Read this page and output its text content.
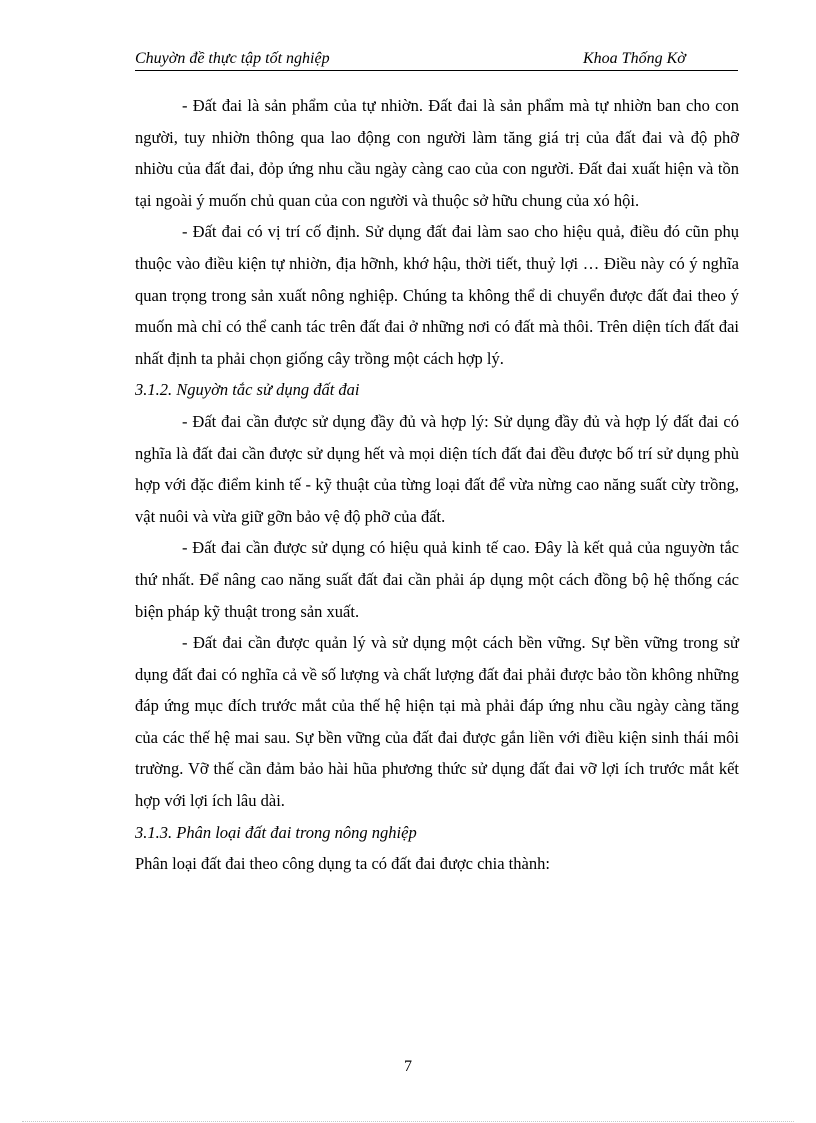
Chuyờn đề thực tập tốt nghiệp	Khoa Thống Kờ

- Đất đai là sản phẩm của tự nhiờn. Đất đai là sản phẩm mà tự nhiờn ban cho con người, tuy nhiờn thông qua lao động con người làm tăng giá trị của đất đai và độ phỡ nhiờu của đất đai, đỏp ứng nhu cầu ngày càng cao của con người. Đất đai xuất hiện và tồn tại ngoài ý muốn chủ quan của con người và thuộc sở hữu chung của xó hội.

- Đất đai có vị trí cố định. Sử dụng đất đai làm sao cho hiệu quả, điều đó cũn phụ thuộc vào điều kiện tự nhiờn, địa hỡnh, khớ hậu, thời tiết, thuỷ lợi … Điều này có ý nghĩa quan trọng trong sản xuất nông nghiệp. Chúng ta không thể di chuyển được đất đai theo ý muốn mà chỉ có thể canh tác trên đất đai ở những nơi có đất mà thôi. Trên diện tích đất đai nhất định ta phải chọn giống cây trồng một cách hợp lý.

3.1.2. Nguyờn tắc sử dụng đất đai

- Đất đai cần được sử dụng đầy đủ và hợp lý: Sử dụng đầy đủ và hợp lý đất đai có nghĩa là đất đai cần được sử dụng hết và mọi diện tích đất đai đều được bố trí sử dụng phù hợp với đặc điểm kinh tế - kỹ thuật của từng loại đất để vừa nừng cao năng suất cừy trồng, vật nuôi và vừa giữ gỡn bảo vệ độ phỡ của đất.

- Đất đai cần được sử dụng có hiệu quả kinh tế cao. Đây là kết quả của nguyờn tắc thứ nhất. Để nâng cao năng suất đất đai cần phải áp dụng một cách đồng bộ hệ thống các biện pháp kỹ thuật trong sản xuất.

- Đất đai cần được quản lý và sử dụng một cách bền vững. Sự bền vững trong sử dụng đất đai có nghĩa cả về số lượng và chất lượng đất đai phải được bảo tồn không những đáp ứng mục đích trước mắt của thế hệ hiện tại mà phải đáp ứng nhu cầu ngày càng tăng của các thế hệ mai sau. Sự bền vững của đất đai được gắn liền với điều kiện sinh thái môi trường. Vỡ thế cần đảm bảo hài hũa phương thức sử dụng đất đai vỡ lợi ích trước mắt kết hợp với lợi ích lâu dài.

3.1.3. Phân loại đất đai trong nông nghiệp

Phân loại đất đai theo công dụng ta có đất đai được chia thành:

7
